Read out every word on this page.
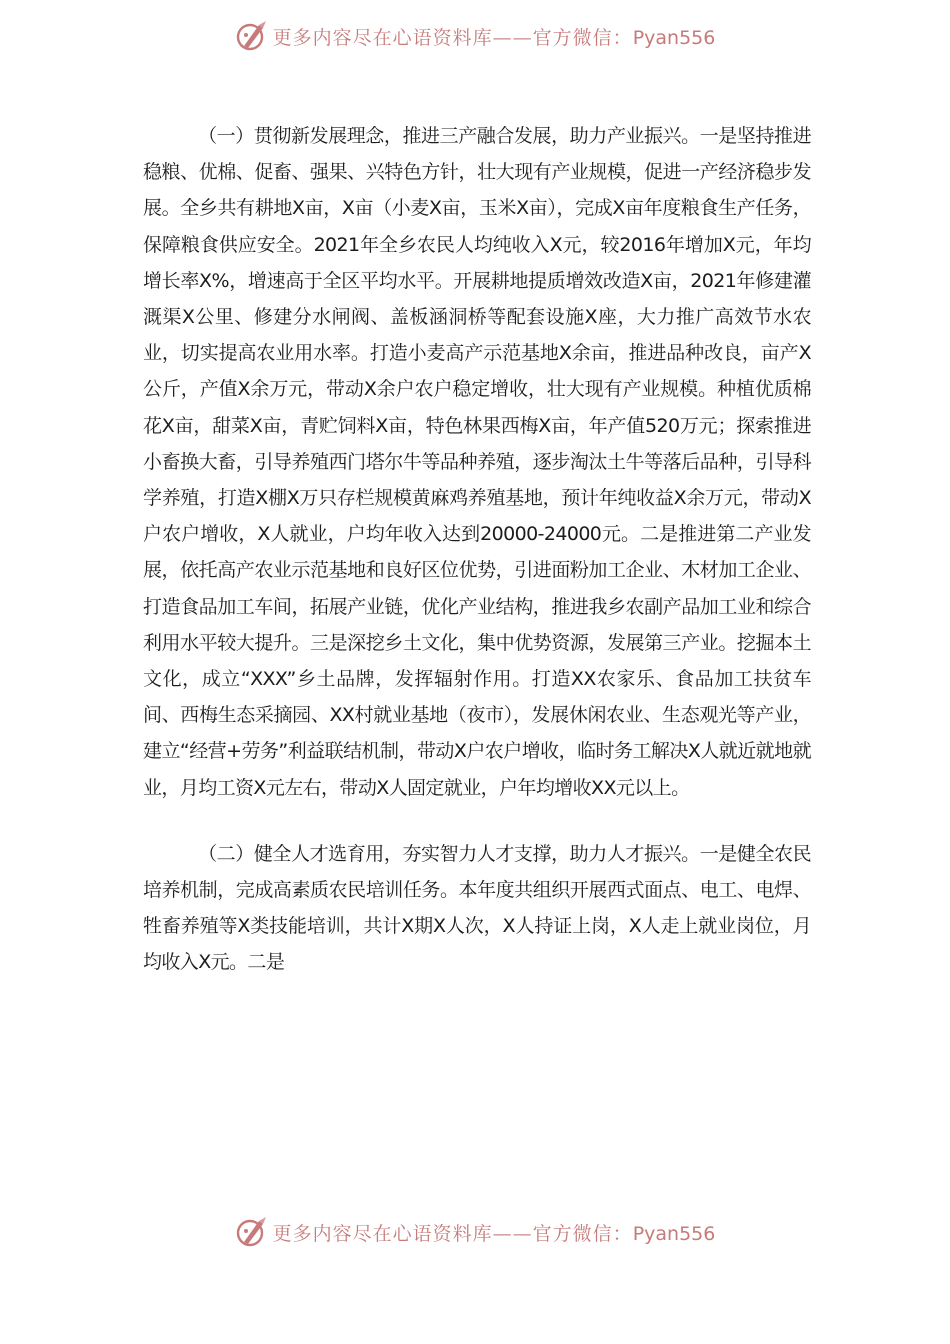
更多内容尽在心语资料库——官方微信：Pyan556

（一）贯彻新发展理念，推进三产融合发展，助力产业振兴。一是坚持推进稳粮、优棉、促畜、强果、兴特色方针，壮大现有产业规模，促进一产经济稳步发展。全乡共有耕地X亩，X亩（小麦X亩，玉米X亩），完成X亩年度粮食生产任务，保障粮食供应安全。2021年全乡农民人均纯收入X元，较2016年增加X元，年均增长率X%，增速高于全区平均水平。开展耕地提质增效改造X亩，2021年修建灌溉渠X公里、修建分水闸阀、盖板涵洞桥等配套设施X座，大力推广高效节水农业，切实提高农业用水率。打造小麦高产示范基地X余亩，推进品种改良，亩产X公斤，产值X余万元，带动X余户农户稳定增收，壮大现有产业规模。种植优质棉花X亩，甜菜X亩，青贮饲料X亩，特色林果西梅X亩，年产值520万元；探索推进小畜换大畜，引导养殖西门塔尔牛等品种养殖，逐步淘汰土牛等落后品种，引导科学养殖，打造X棚X万只存栏规模黄麻鸡养殖基地，预计年纯收益X余万元，带动X户农户增收，X人就业，户均年收入达到20000-24000元。二是推进第二产业发展，依托高产农业示范基地和良好区位优势，引进面粉加工企业、木材加工企业、打造食品加工车间，拓展产业链，优化产业结构，推进我乡农副产品加工业和综合利用水平较大提升。三是深挖乡土文化，集中优势资源，发展第三产业。挖掘本土文化，成立“XXX”乡土品牌，发挥辐射作用。打造XX农家乐、食品加工扶贫车间、西梅生态采摘园、XX村就业基地（夜市），发展休闲农业、生态观光等产业，建立“经营+劳务”利益联结机制，带动X户农户增收，临时务工解决X人就近就地就业，月均工资X元左右，带动X人固定就业，户年均增收XX元以上。

（二）健全人才选育用，夯实智力人才支撑，助力人才振兴。一是健全农民培养机制，完成高素质农民培训任务。本年度共组织开展西式面点、电工、电焊、牲畜养殖等X类技能培训，共计X期X人次，X人持证上岗，X人走上就业岗位，月均收入X元。二是

更多内容尽在心语资料库——官方微信：Pyan556
